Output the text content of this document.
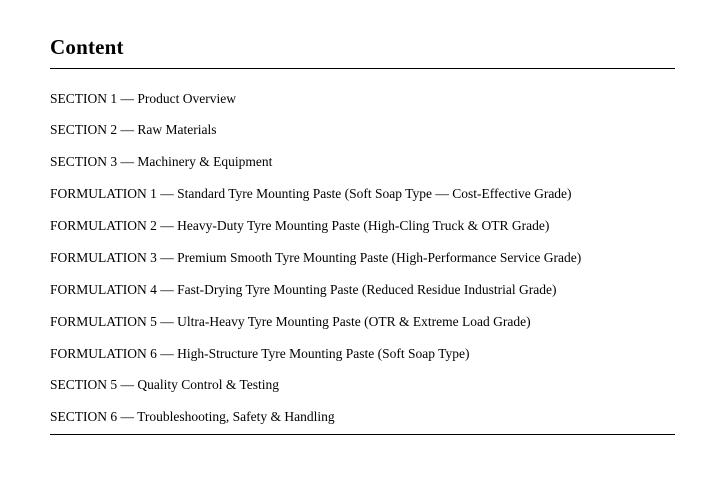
Content
SECTION 1 — Product Overview
SECTION 2 — Raw Materials
SECTION 3 — Machinery & Equipment
FORMULATION 1 — Standard Tyre Mounting Paste (Soft Soap Type — Cost-Effective Grade)
FORMULATION 2 — Heavy-Duty Tyre Mounting Paste (High-Cling Truck & OTR Grade)
FORMULATION 3 — Premium Smooth Tyre Mounting Paste (High-Performance Service Grade)
FORMULATION 4 — Fast-Drying Tyre Mounting Paste (Reduced Residue Industrial Grade)
FORMULATION 5 — Ultra-Heavy Tyre Mounting Paste (OTR & Extreme Load Grade)
FORMULATION 6 — High-Structure Tyre Mounting Paste (Soft Soap Type)
SECTION 5 — Quality Control & Testing
SECTION 6 — Troubleshooting, Safety & Handling
